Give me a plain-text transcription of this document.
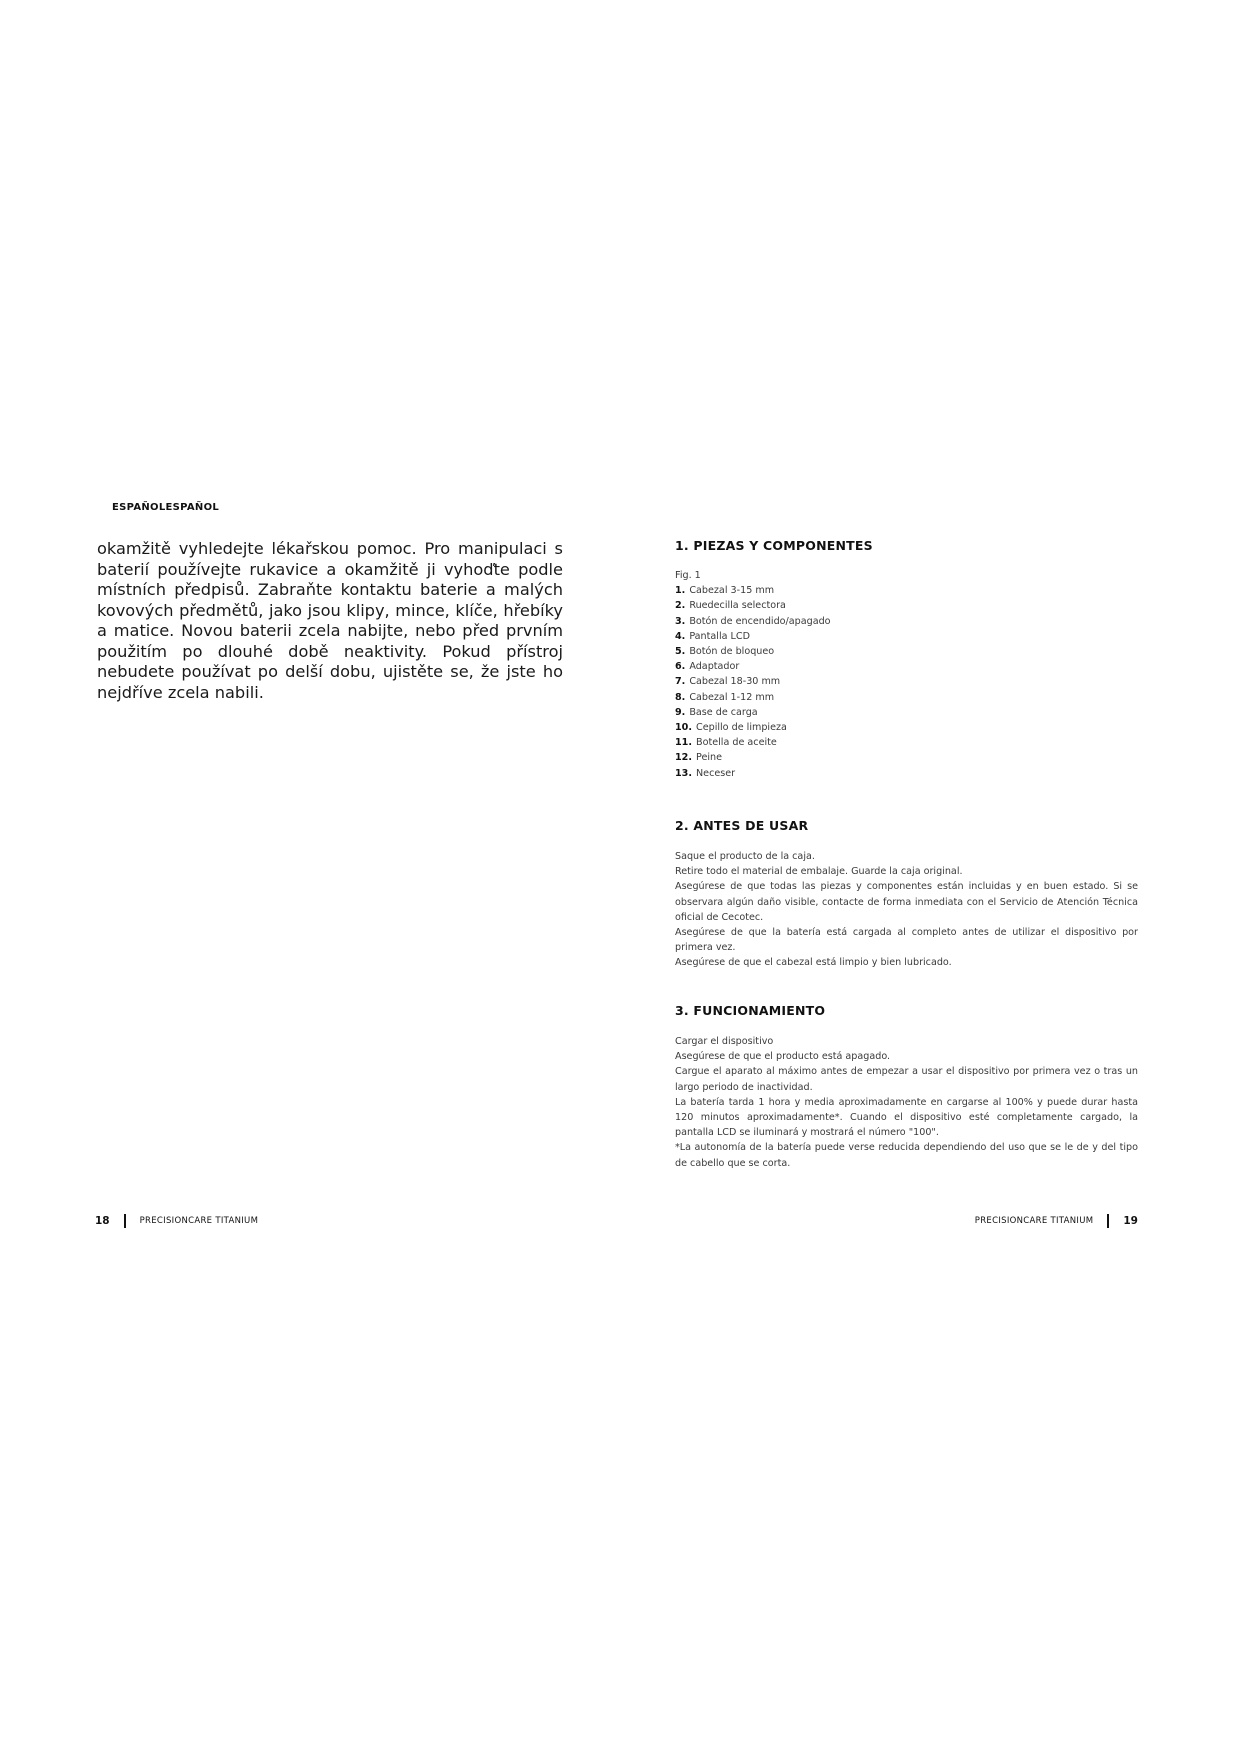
ESPAÑOLESPAÑOL
okamžitě vyhledejte lékařskou pomoc. Pro manipulaci s baterií používejte rukavice a okamžitě ji vyhoďte podle místních předpisů. Zabraňte kontaktu baterie a malých kovových předmětů, jako jsou klipy, mince, klíče, hřebíky a matice. Novou baterii zcela nabijte, nebo před prvním použitím po dlouhé době neaktivity. Pokud přístroj nebudete používat po delší dobu, ujistěte se, že jste ho nejdříve zcela nabili.
1. PIEZAS Y COMPONENTES
Fig. 1
1. Cabezal 3-15 mm
2. Ruedecilla selectora
3. Botón de encendido/apagado
4. Pantalla LCD
5. Botón de bloqueo
6. Adaptador
7. Cabezal 18-30 mm
8. Cabezal 1-12 mm
9. Base de carga
10. Cepillo de limpieza
11. Botella de aceite
12. Peine
13. Neceser
2. ANTES DE USAR
Saque el producto de la caja.
Retire todo el material de embalaje. Guarde la caja original.
Asegúrese de que todas las piezas y componentes están incluidas y en buen estado. Si se observara algún daño visible, contacte de forma inmediata con el Servicio de Atención Técnica oficial de Cecotec.
Asegúrese de que la batería está cargada al completo antes de utilizar el dispositivo por primera vez.
Asegúrese de que el cabezal está limpio y bien lubricado.
3. FUNCIONAMIENTO
Cargar el dispositivo
Asegúrese de que el producto está apagado.
Cargue el aparato al máximo antes de empezar a usar el dispositivo por primera vez o tras un largo periodo de inactividad.
La batería tarda 1 hora y media aproximadamente en cargarse al 100% y puede durar hasta 120 minutos aproximadamente*. Cuando el dispositivo esté completamente cargado, la pantalla LCD se iluminará y mostrará el número "100".
*La autonomía de la batería puede verse reducida dependiendo del uso que se le de y del tipo de cabello que se corta.
18	PRECISIONCARE TITANIUM	PRECISIONCARE TITANIUM	19
